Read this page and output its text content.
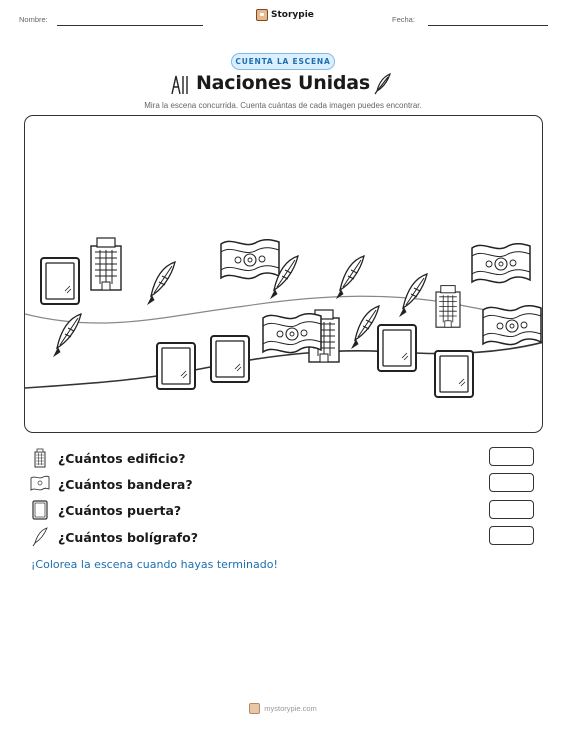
Nombre:	Storypie	Fecha:
CUENTA LA ESCENA
Naciones Unidas
Mira la escena concurrida. Cuenta cuántas de cada imagen puedes encontrar.
¿Cuántos edificio?
¿Cuántos bandera?
¿Cuántos puerta?
¿Cuántos bolígrafo?
¡Colorea la escena cuando hayas terminado!
mystorypie.com
